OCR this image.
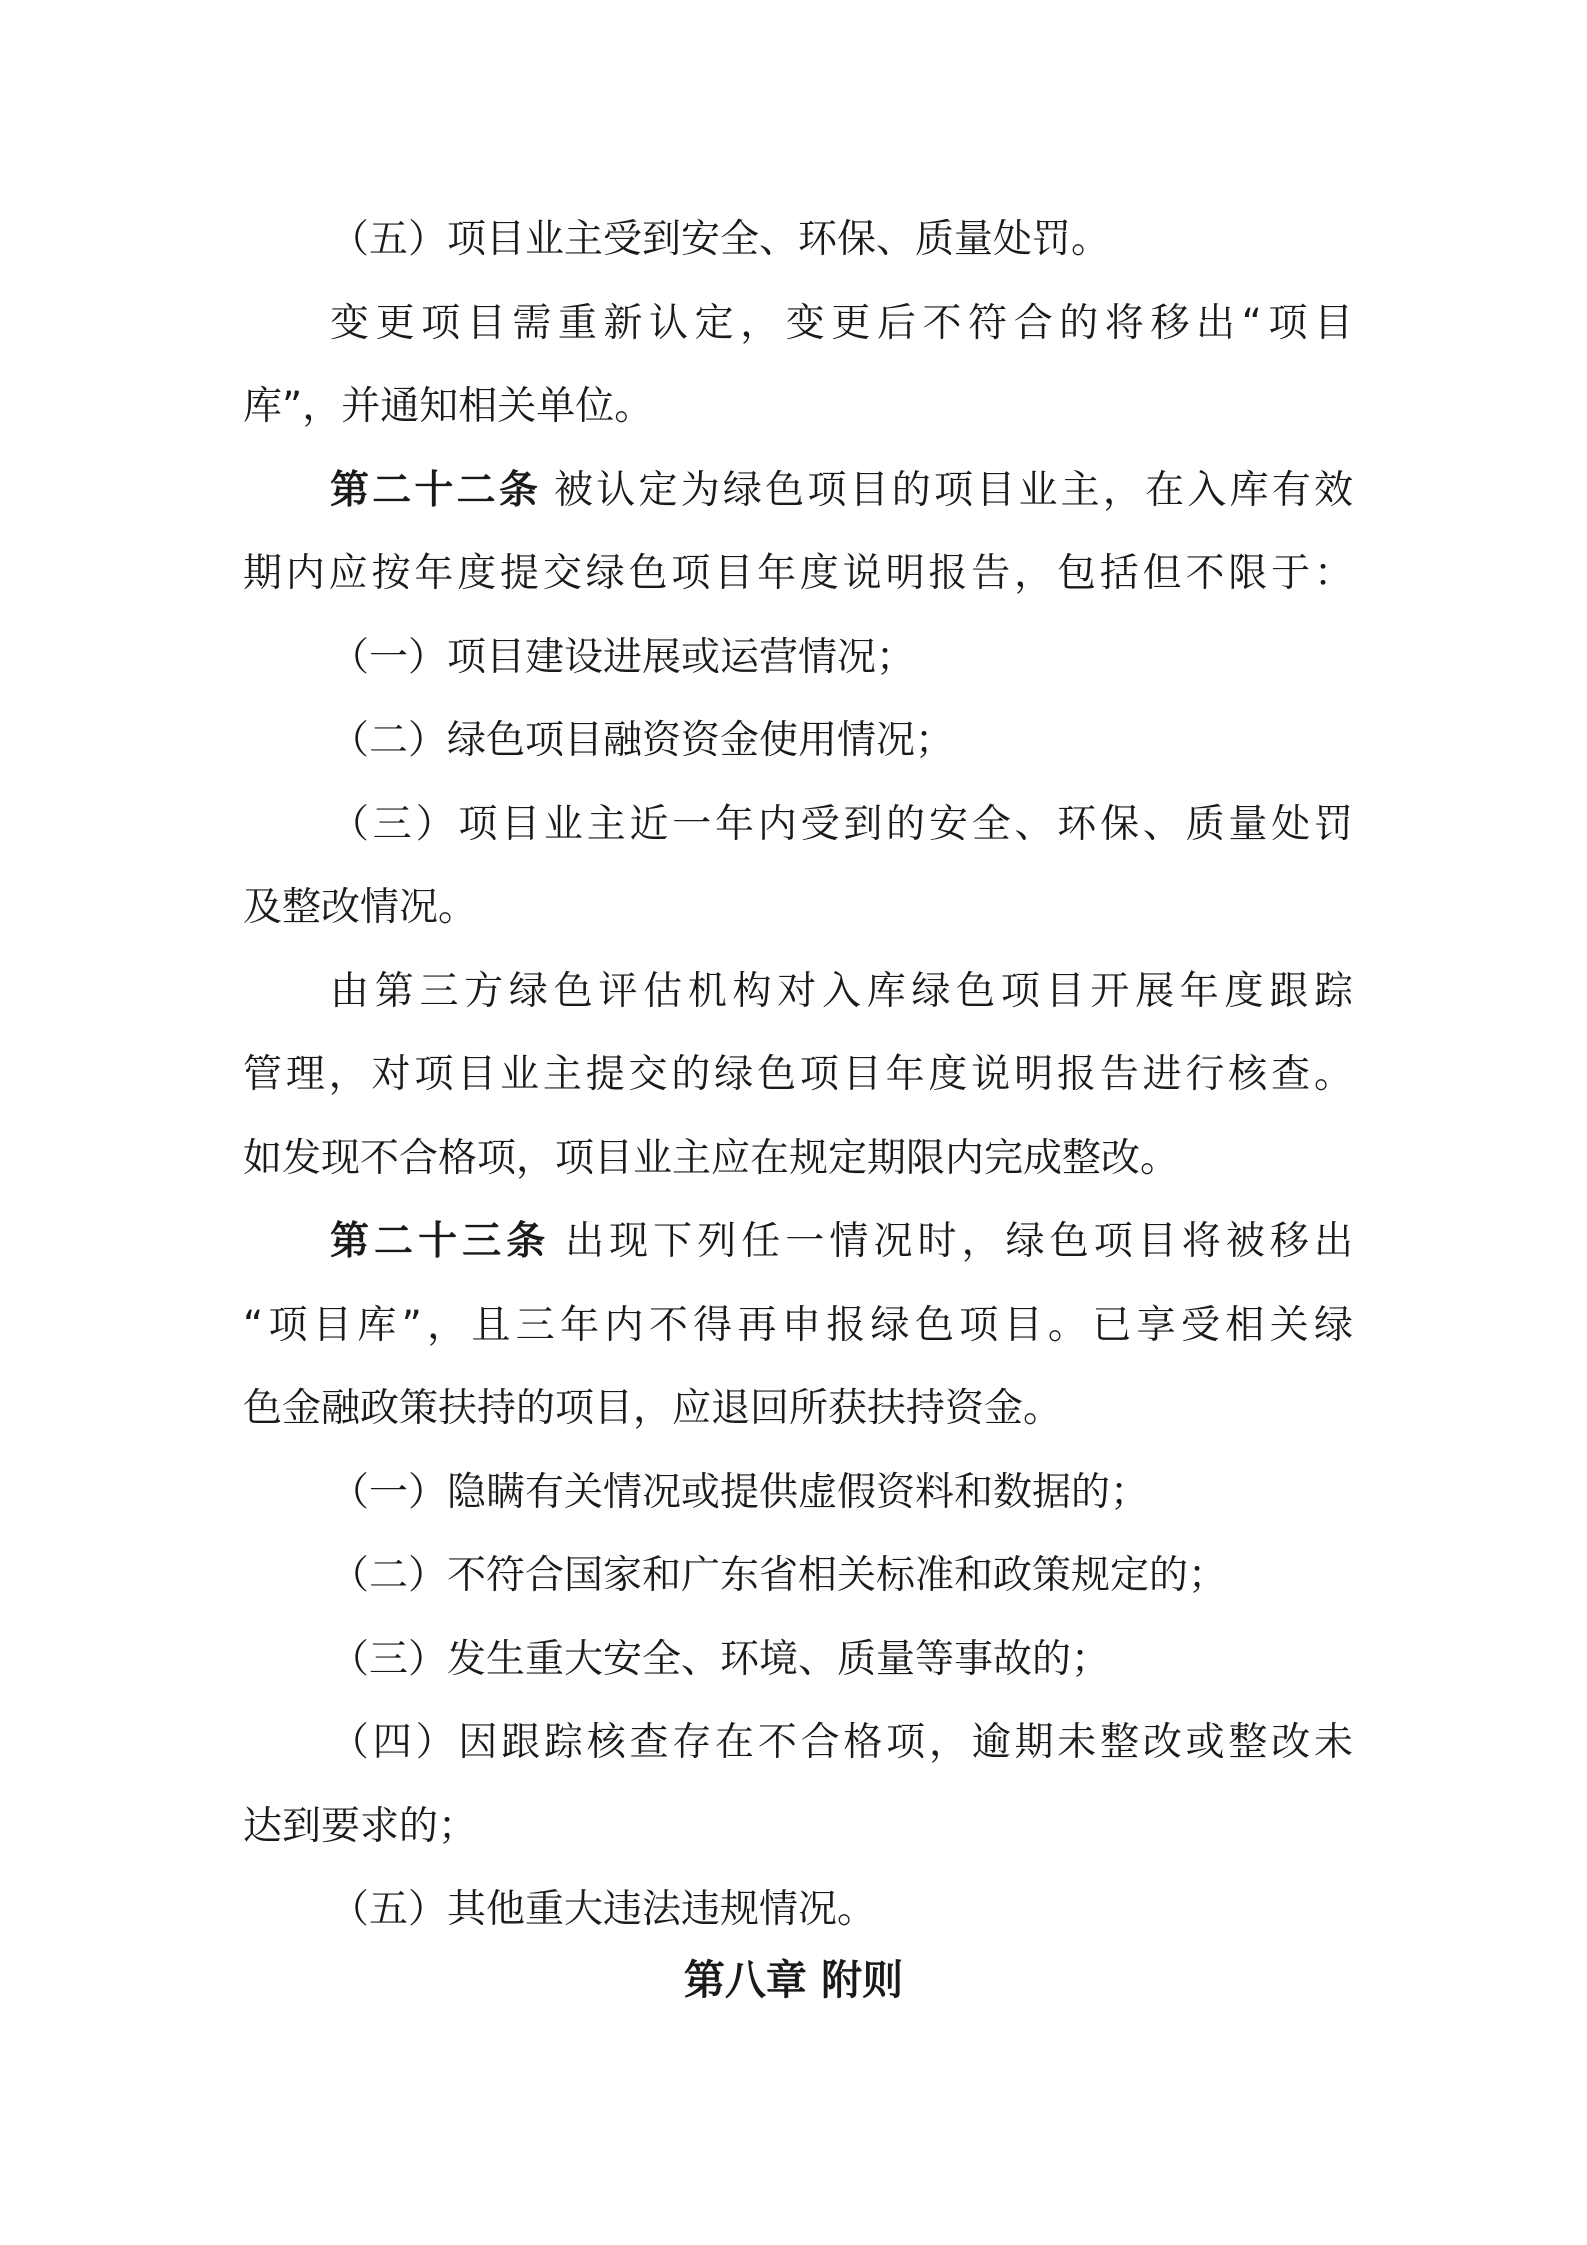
（五）项目业主受到安全、环保、质量处罚。
变更项目需重新认定，变更后不符合的将移出“项目
库”，并通知相关单位。
第二十二条  被认定为绿色项目的项目业主，在入库有效
期内应按年度提交绿色项目年度说明报告，包括但不限于：
（一）项目建设进展或运营情况；
（二）绿色项目融资资金使用情况；
（三）项目业主近一年内受到的安全、环保、质量处罚
及整改情况。
由第三方绿色评估机构对入库绿色项目开展年度跟踪
管理，对项目业主提交的绿色项目年度说明报告进行核查。
如发现不合格项，项目业主应在规定期限内完成整改。
第二十三条  出现下列任一情况时，绿色项目将被移出
“项目库”，且三年内不得再申报绿色项目。已享受相关绿
色金融政策扶持的项目，应退回所获扶持资金。
（一）隐瞒有关情况或提供虚假资料和数据的；
（二）不符合国家和广东省相关标准和政策规定的；
（三）发生重大安全、环境、质量等事故的；
（四）因跟踪核查存在不合格项，逾期未整改或整改未
达到要求的；
（五）其他重大违法违规情况。
第八章 附则
